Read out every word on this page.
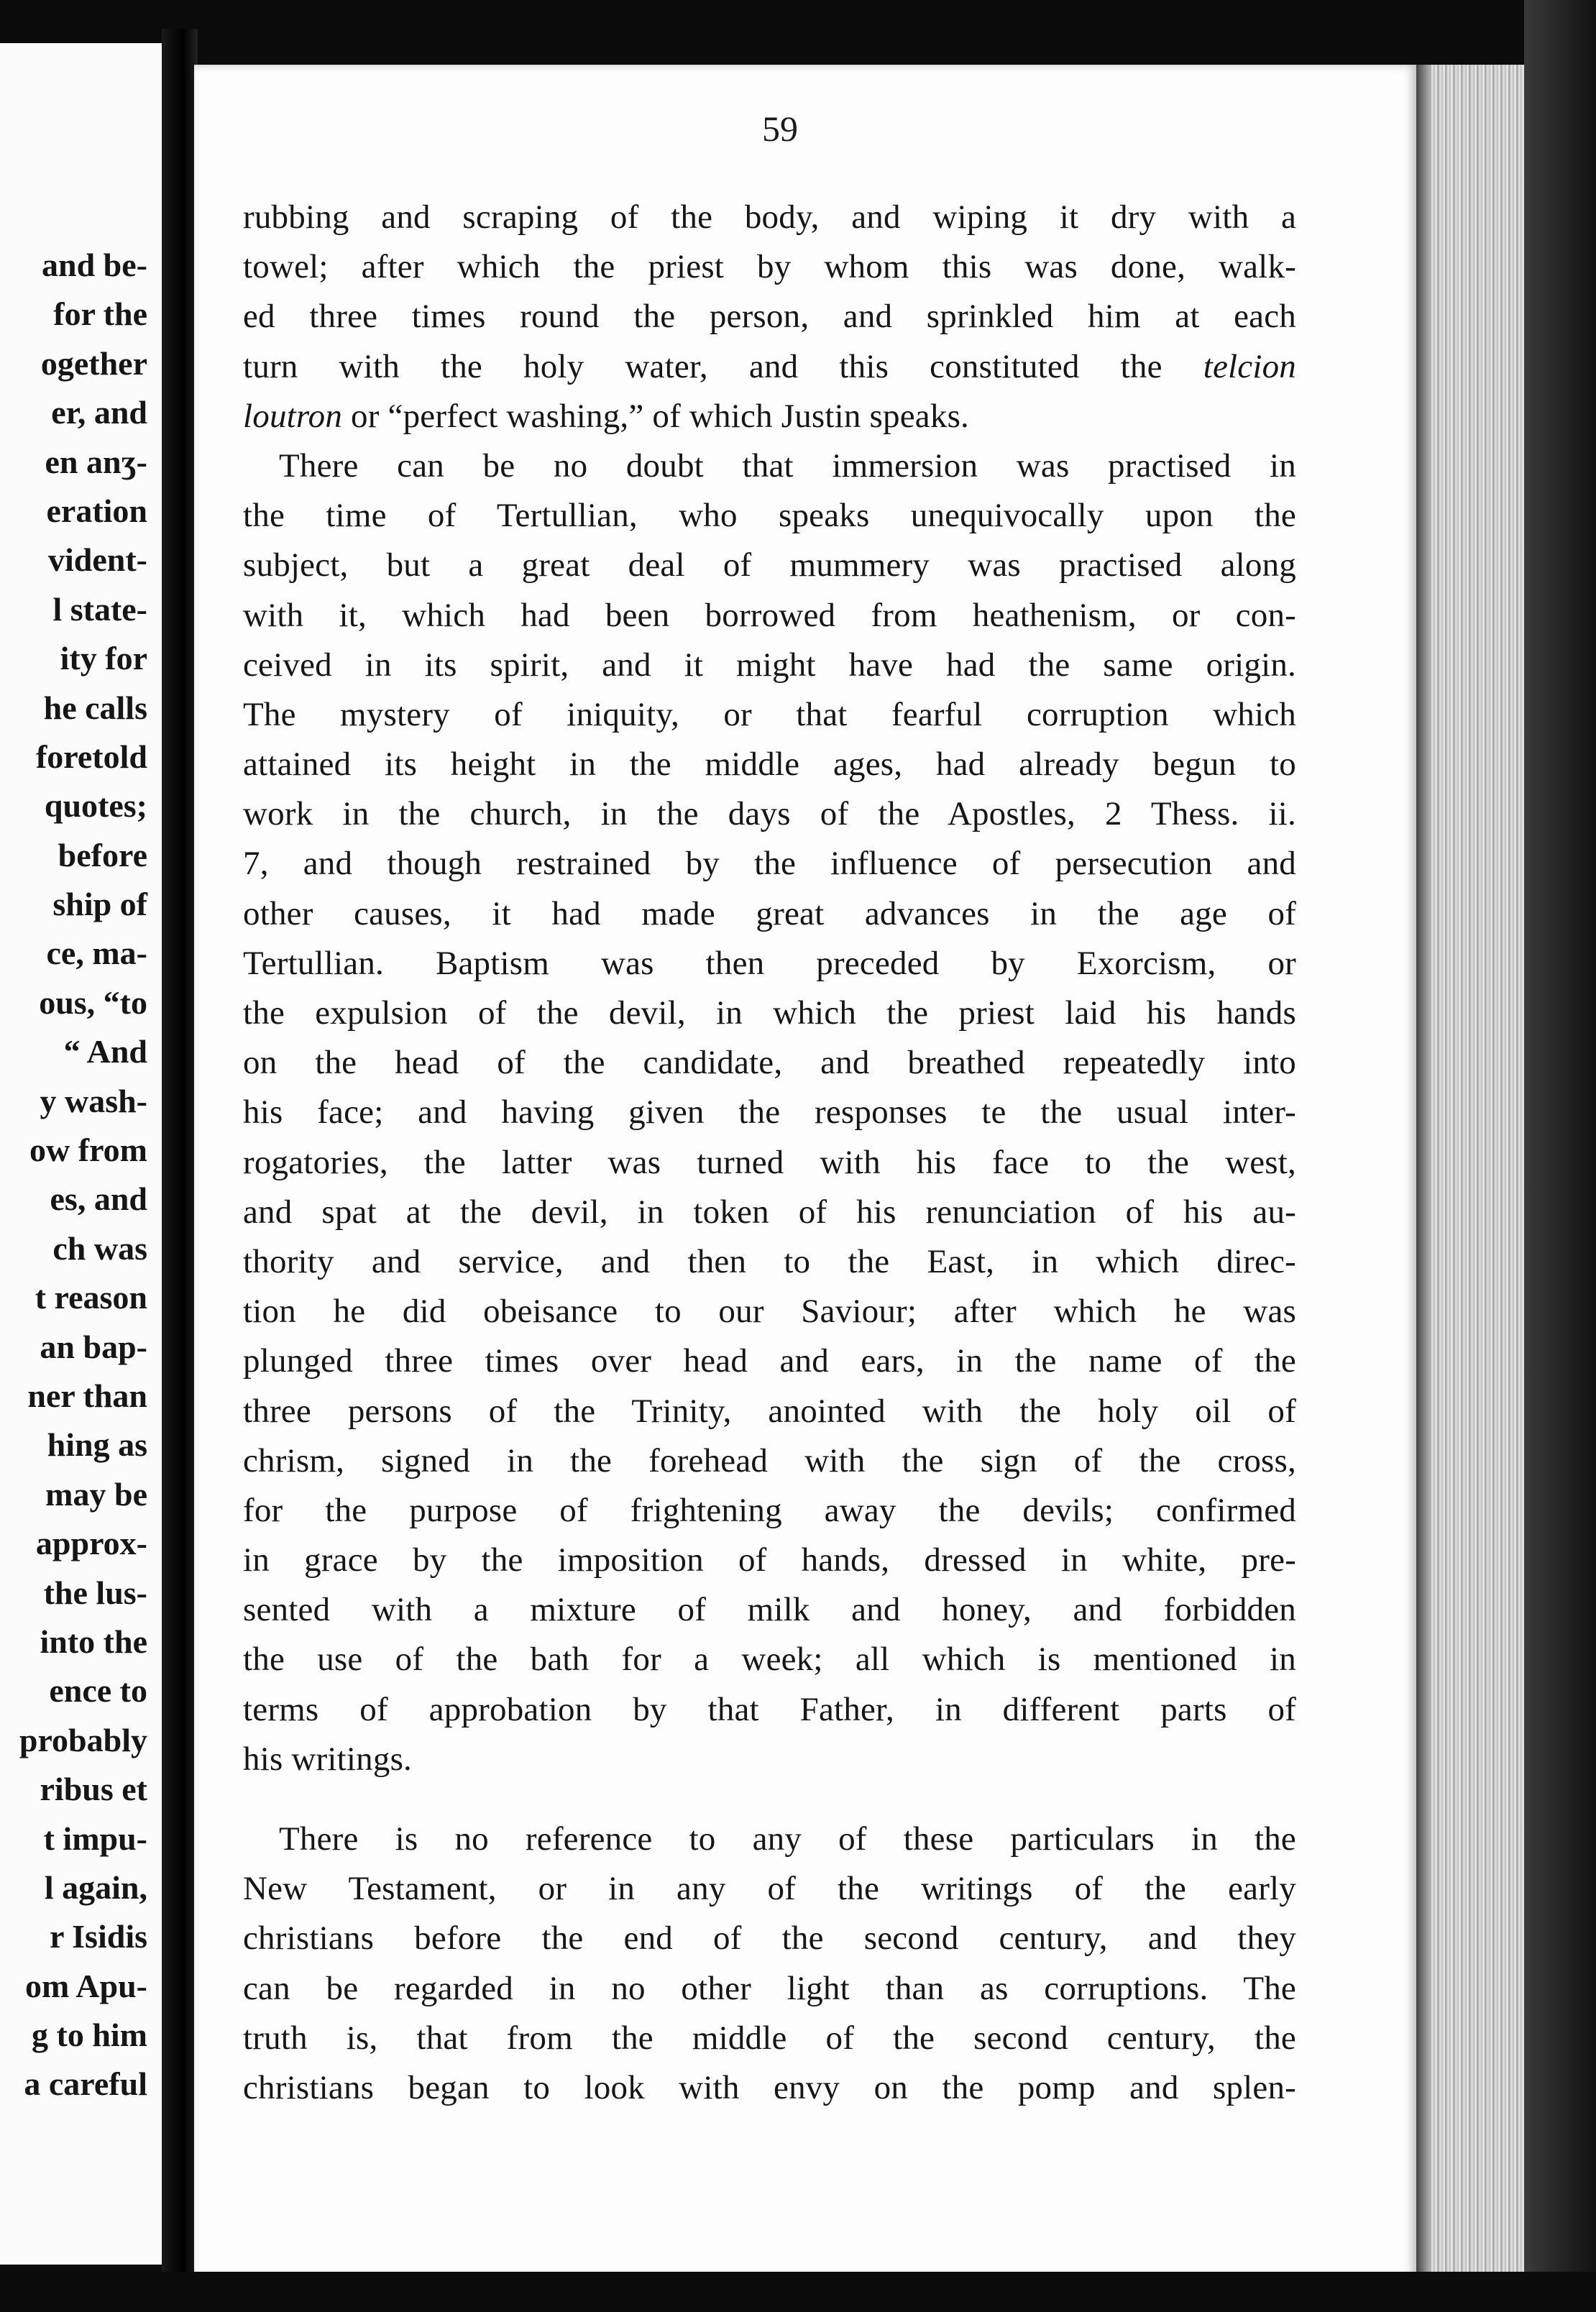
and be-
for the
ogether
er, and
en anʒ-
eration
vident-
l state-
ity for
he calls
foretold
quotes;
before
ship of
ce, ma-
ous, “to
“ And
y wash-
ow from
es, and
ch was
t reason
an bap-
ner than
hing as
may be
approx-
the lus-
into the
ence to
probably
ribus et
t impu-
l again,
r Isidis
om Apu-
g to him
a careful
59
rubbing and scraping of the body, and wiping it dry with a
towel; after which the priest by whom this was done, walk-
ed three times round the person, and sprinkled him at each
turn with the holy water, and this constituted the telcion
loutron or “perfect washing,” of which Justin speaks.
There can be no doubt that immersion was practised in
the time of Tertullian, who speaks unequivocally upon the
subject, but a great deal of mummery was practised along
with it, which had been borrowed from heathenism, or con-
ceived in its spirit, and it might have had the same origin.
The mystery of iniquity, or that fearful corruption which
attained its height in the middle ages, had already begun to
work in the church, in the days of the Apostles, 2 Thess. ii.
7, and though restrained by the influence of persecution and
other causes, it had made great advances in the age of
Tertullian. Baptism was then preceded by Exorcism, or
the expulsion of the devil, in which the priest laid his hands
on the head of the candidate, and breathed repeatedly into
his face; and having given the responses te the usual inter-
rogatories, the latter was turned with his face to the west,
and spat at the devil, in token of his renunciation of his au-
thority and service, and then to the East, in which direc-
tion he did obeisance to our Saviour; after which he was
plunged three times over head and ears, in the name of the
three persons of the Trinity, anointed with the holy oil of
chrism, signed in the forehead with the sign of the cross,
for the purpose of frightening away the devils; confirmed
in grace by the imposition of hands, dressed in white, pre-
sented with a mixture of milk and honey, and forbidden
the use of the bath for a week; all which is mentioned in
terms of approbation by that Father, in different parts of
his writings.
There is no reference to any of these particulars in the
New Testament, or in any of the writings of the early
christians before the end of the second century, and they
can be regarded in no other light than as corruptions. The
truth is, that from the middle of the second century, the
christians began to look with envy on the pomp and splen-
